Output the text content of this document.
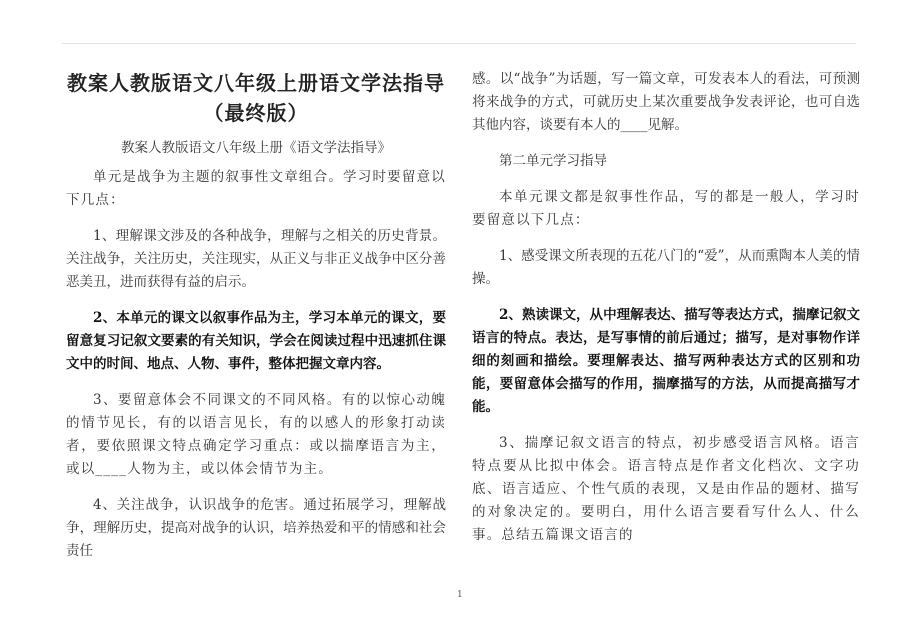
教案人教版语文八年级上册语文学法指导（最终版）
教案人教版语文八年级上册《语文学法指导》

单元是战争为主题的叙事性文章组合。学习时要留意以下几点：

1、理解课文涉及的各种战争，理解与之相关的历史背景。关注战争，关注历史，关注现实，从正义与非正义战争中区分善恶美丑，进而获得有益的启示。

2、本单元的课文以叙事作品为主，学习本单元的课文，要留意复习记叙文要素的有关知识，学会在阅读过程中迅速抓住课文中的时间、地点、人物、事件，整体把握文章内容。

3、要留意体会不同课文的不同风格。有的以惊心动魄的情节见长，有的以语言见长，有的以感人的形象打动读者，要依照课文特点确定学习重点：或以揣摩语言为主，或以____人物为主，或以体会情节为主。

4、关注战争，认识战争的危害。通过拓展学习，理解战争，理解历史，提高对战争的认识，培养热爱和平的情感和社会责任

感。以“战争”为话题，写一篇文章，可发表本人的看法，可预测将来战争的方式，可就历史上某次重要战争发表评论，也可自选其他内容，谈要有本人的____见解。

第二单元学习指导

本单元课文都是叙事性作品，写的都是一般人，学习时要留意以下几点：

1、感受课文所表现的五花八门的“爱”，从而熏陶本人美的情操。

2、熟读课文，从中理解表达、描写等表达方式，揣摩记叙文语言的特点。表达，是写事情的前后通过；描写，是对事物作详细的刻画和描绘。要理解表达、描写两种表达方式的区别和功能，要留意体会描写的作用，揣摩描写的方法，从而提高描写才能。

3、揣摩记叙文语言的特点，初步感受语言风格。语言特点要从比拟中体会。语言特点是作者文化档次、文字功底、语言适应、个性气质的表现，又是由作品的题材、描写的对象决定的。要明白，用什么语言要看写什么人、什么事。总结五篇课文语言的

1
